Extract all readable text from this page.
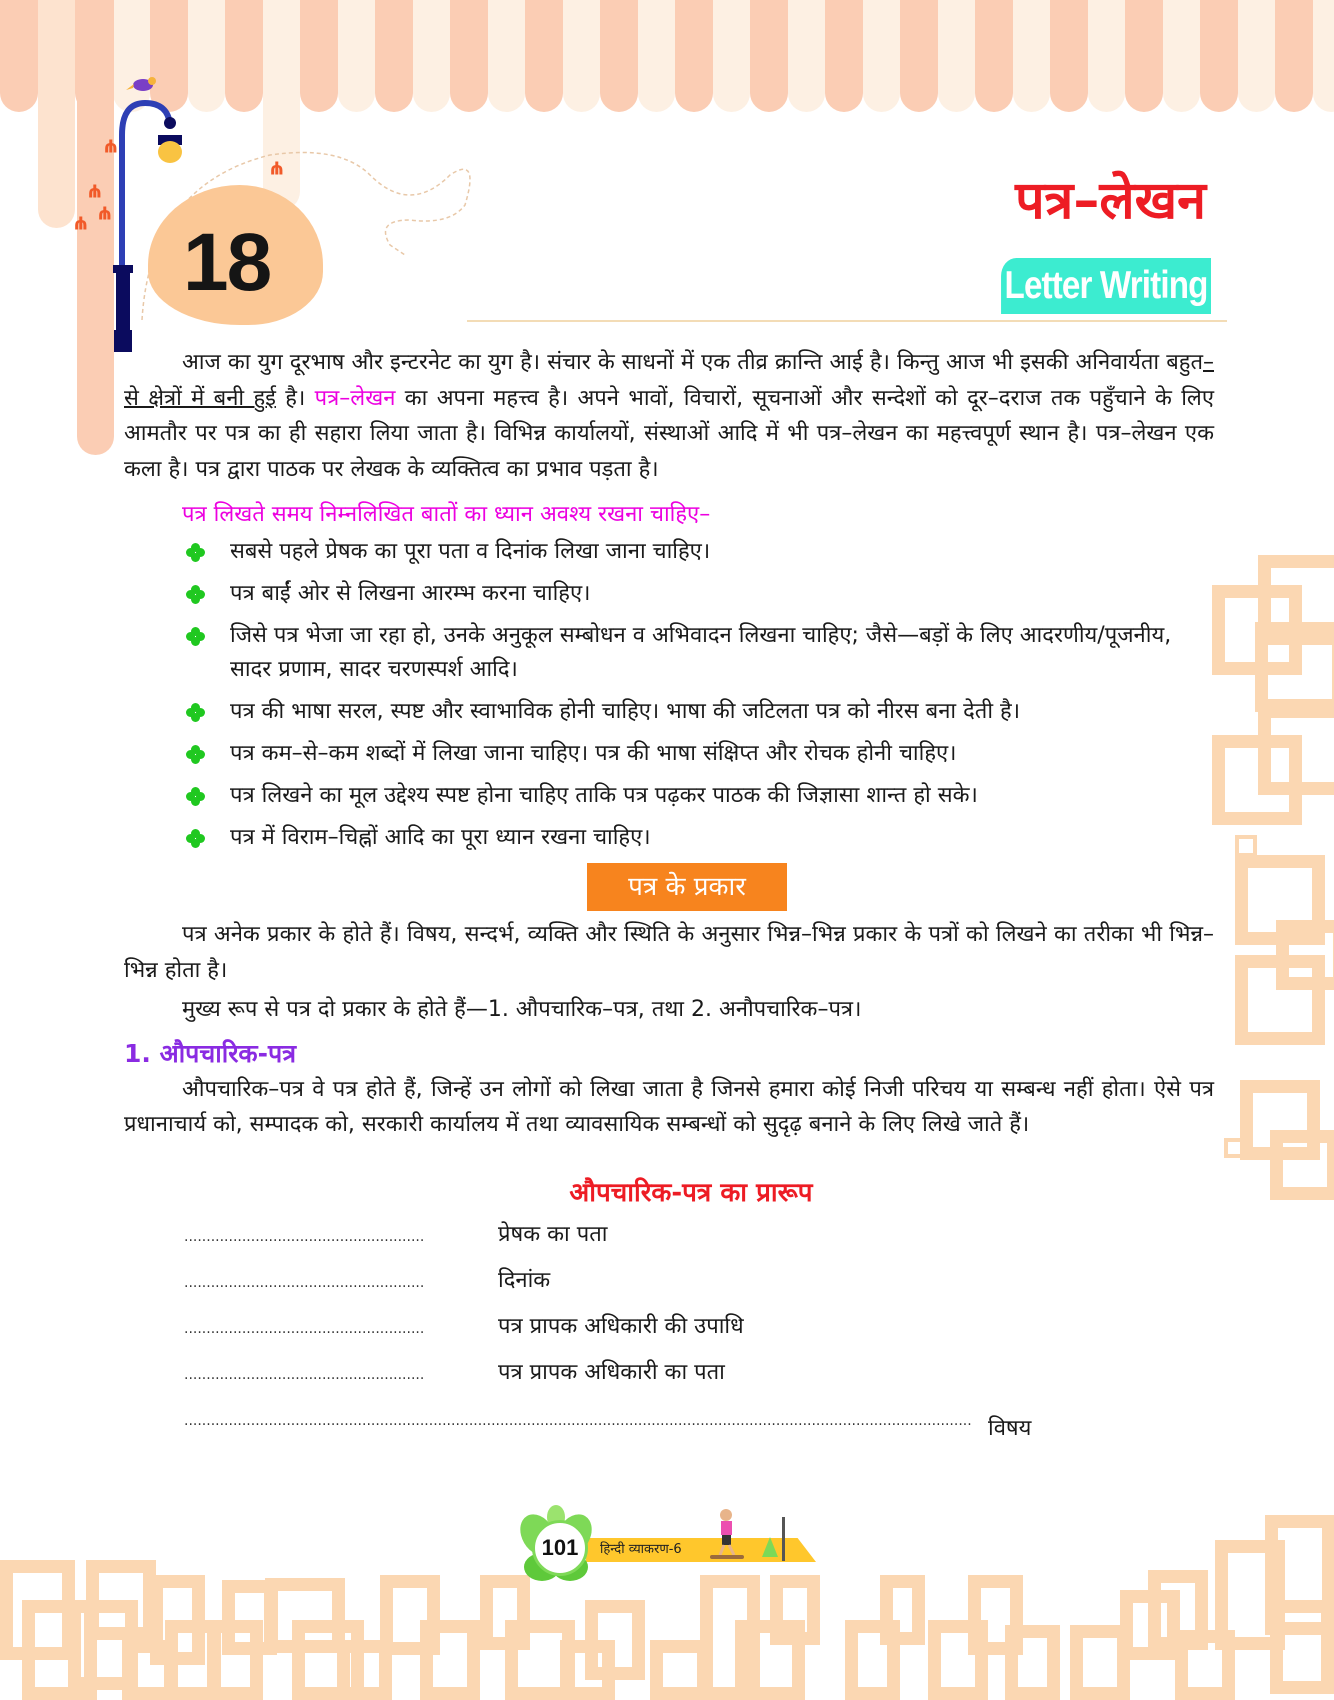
ψ
ψ
ψ
ψ
ψ
18
पत्र–लेखन
Letter Writing

आज का युग दूरभाष और इन्टरनेट का युग है। संचार के साधनों में एक तीव्र क्रान्ति आई है। किन्तु आज भी इसकी अनिवार्यता बहुत–से क्षेत्रों में बनी हुई है। पत्र–लेखन का अपना महत्त्व है। अपने भावों, विचारों, सूचनाओं और सन्देशों को दूर–दराज तक पहुँचाने के लिए आमतौर पर पत्र का ही सहारा लिया जाता है। विभिन्न कार्यालयों, संस्थाओं आदि में भी पत्र–लेखन का महत्त्वपूर्ण स्थान है। पत्र–लेखन एक कला है। पत्र द्वारा पाठक पर लेखक के व्यक्तित्व का प्रभाव पड़ता है।

पत्र लिखते समय निम्नलिखित बातों का ध्यान अवश्य रखना चाहिए–
सबसे पहले प्रेषक का पूरा पता व दिनांक लिखा जाना चाहिए।
पत्र बाईं ओर से लिखना आरम्भ करना चाहिए।
जिसे पत्र भेजा जा रहा हो, उनके अनुकूल सम्बोधन व अभिवादन लिखना चाहिए; जैसे—बड़ों के लिए आदरणीय/पूजनीय, सादर प्रणाम, सादर चरणस्पर्श आदि।
पत्र की भाषा सरल, स्पष्ट और स्वाभाविक होनी चाहिए। भाषा की जटिलता पत्र को नीरस बना देती है।
पत्र कम–से–कम शब्दों में लिखा जाना चाहिए। पत्र की भाषा संक्षिप्त और रोचक होनी चाहिए।
पत्र लिखने का मूल उद्देश्य स्पष्ट होना चाहिए ताकि पत्र पढ़कर पाठक की जिज्ञासा शान्त हो सके।
पत्र में विराम–चिह्नों आदि का पूरा ध्यान रखना चाहिए।
पत्र के प्रकार

पत्र अनेक प्रकार के होते हैं। विषय, सन्दर्भ, व्यक्ति और स्थिति के अनुसार भिन्न–भिन्न प्रकार के पत्रों को लिखने का तरीका भी भिन्न–भिन्न होता है।

मुख्य रूप से पत्र दो प्रकार के होते हैं—1. औपचारिक–पत्र, तथा 2. अनौपचारिक–पत्र।

1. औपचारिक-पत्र

औपचारिक–पत्र वे पत्र होते हैं, जिन्हें उन लोगों को लिखा जाता है जिनसे हमारा कोई निजी परिचय या सम्बन्ध नहीं होता। ऐसे पत्र प्रधानाचार्य को, सम्पादक को, सरकारी कार्यालय में तथा व्यावसायिक सम्बन्धों को सुदृढ़ बनाने के लिए लिखे जाते हैं।

औपचारिक-पत्र का प्रारूप
......................................................	प्रेषक का पता
......................................................	दिनांक
......................................................	पत्र प्रापक अधिकारी की उपाधि
......................................................	पत्र प्रापक अधिकारी का पता
................................................................................................................................................................................. विषय
101	हिन्दी व्याकरण-6
